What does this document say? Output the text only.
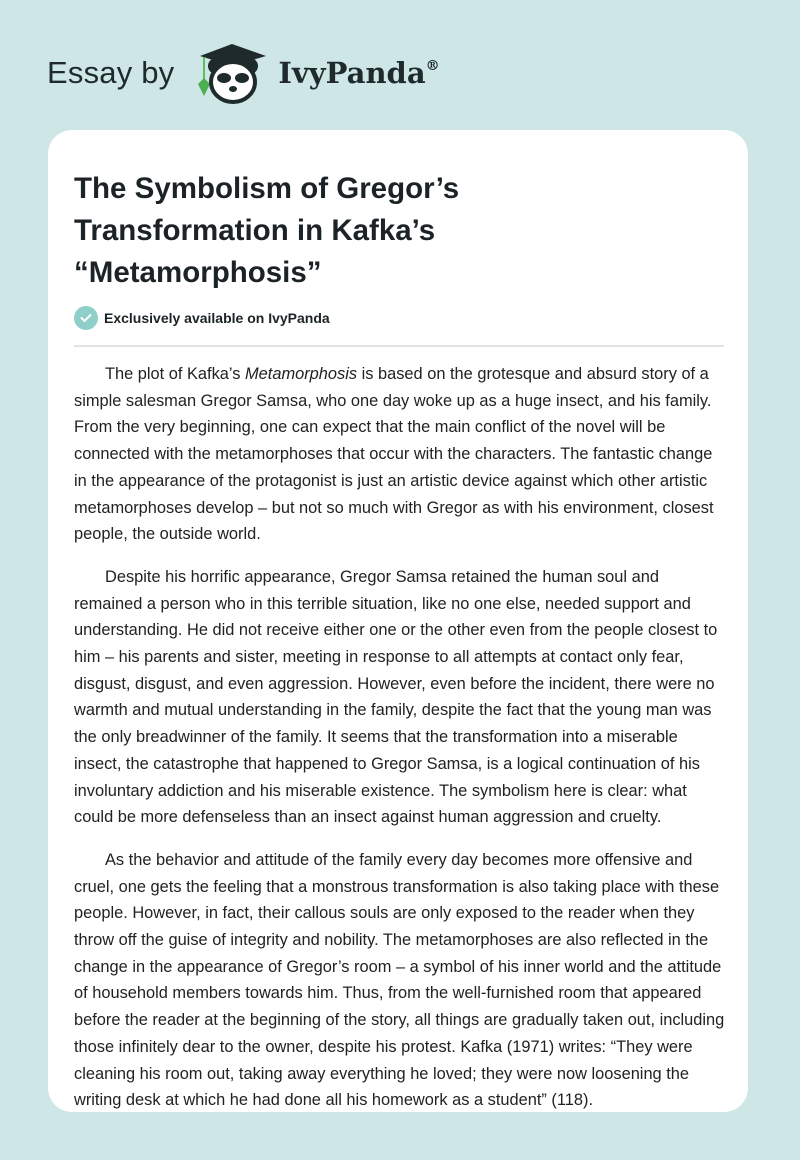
Essay by	IvyPanda®
The Symbolism of Gregor’s Transformation in Kafka’s “Metamorphosis”
Exclusively available on IvyPanda

The plot of Kafka’s Metamorphosis is based on the grotesque and absurd story of a simple salesman Gregor Samsa, who one day woke up as a huge insect, and his family. From the very beginning, one can expect that the main conflict of the novel will be connected with the metamorphoses that occur with the characters. The fantastic change in the appearance of the protagonist is just an artistic device against which other artistic metamorphoses develop – but not so much with Gregor as with his environment, closest people, the outside world.

Despite his horrific appearance, Gregor Samsa retained the human soul and remained a person who in this terrible situation, like no one else, needed support and understanding. He did not receive either one or the other even from the people closest to him – his parents and sister, meeting in response to all attempts at contact only fear, disgust, disgust, and even aggression. However, even before the incident, there were no warmth and mutual understanding in the family, despite the fact that the young man was the only breadwinner of the family. It seems that the transformation into a miserable insect, the catastrophe that happened to Gregor Samsa, is a logical continuation of his involuntary addiction and his miserable existence. The symbolism here is clear: what could be more defenseless than an insect against human aggression and cruelty.

As the behavior and attitude of the family every day becomes more offensive and cruel, one gets the feeling that a monstrous transformation is also taking place with these people. However, in fact, their callous souls are only exposed to the reader when they throw off the guise of integrity and nobility. The metamorphoses are also reflected in the change in the appearance of Gregor’s room – a symbol of his inner world and the attitude of household members towards him. Thus, from the well-furnished room that appeared before the reader at the beginning of the story, all things are gradually taken out, including those infinitely dear to the owner, despite his protest. Kafka (1971) writes: “They were cleaning his room out, taking away everything he loved; they were now loosening the writing desk at which he had done all his homework as a student” (118).
